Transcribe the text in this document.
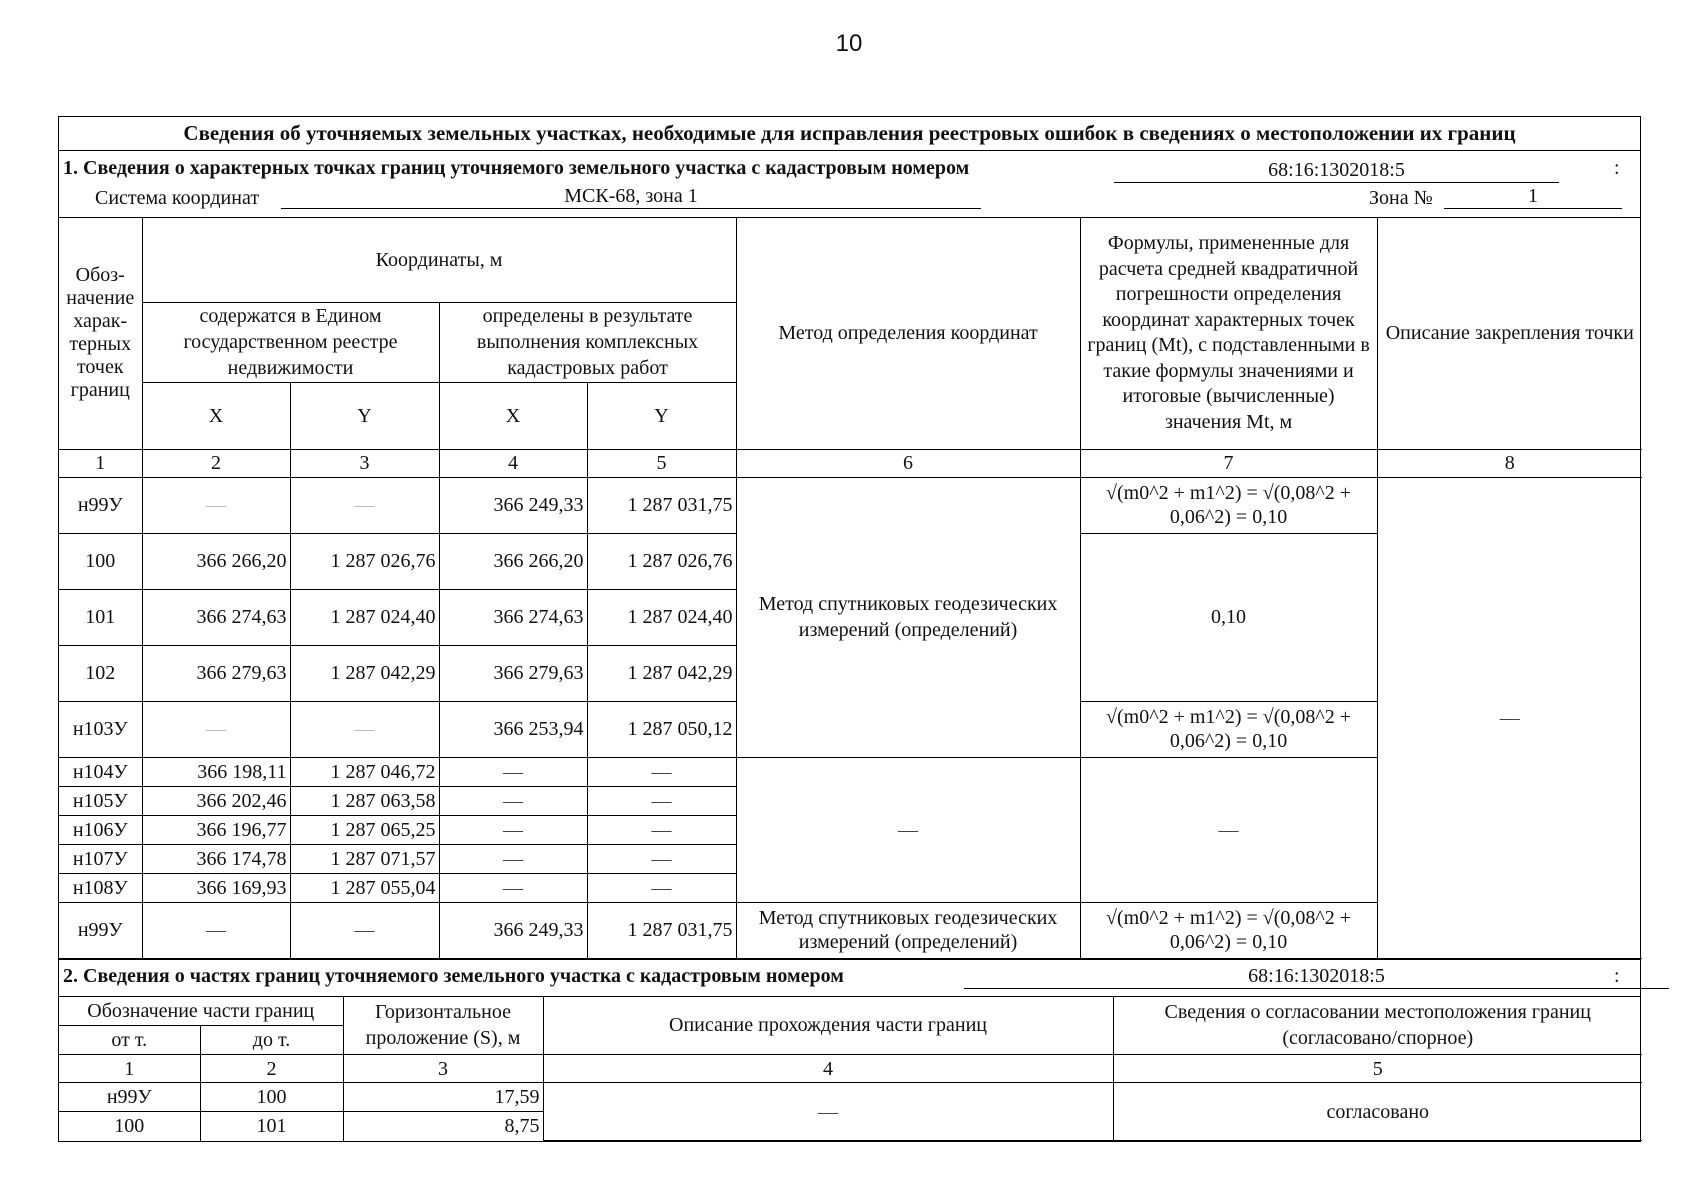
10
Сведения об уточняемых земельных участках, необходимые для исправления реестровых ошибок в сведениях о местоположении их границ
1. Сведения о характерных точках границ уточняемого земельного участка с кадастровым номером	68:16:1302018:5	:
Система координат	МСК-68, зона 1	Зона №	1
Обоз-начение харак-терных точек границ	Координаты, м				Метод определения координат	Формулы, примененные для расчета средней квадратичной погрешности определения координат характерных точек границ (Mt), с подставленными в такие формулы значениями и итоговые (вычисленные) значения Mt, м	Описание закрепления точки
	содержатся в Едином государственном реестре недвижимости		определены в результате выполнения комплексных кадастровых работ				
	X	Y	X	Y			
1	2	3	4	5	6	7	8
н99У	—	—	366 249,33	1 287 031,75	Метод спутниковых геодезических измерений (определений)	√(m0^2 + m1^2) = √(0,08^2 + 0,06^2) = 0,10	—
100	366 266,20	1 287 026,76	366 266,20	1 287 026,76		0,10	
101	366 274,63	1 287 024,40	366 274,63	1 287 024,40			
102	366 279,63	1 287 042,29	366 279,63	1 287 042,29			
н103У	—	—	366 253,94	1 287 050,12		√(m0^2 + m1^2) = √(0,08^2 + 0,06^2) = 0,10	
н104У	366 198,11	1 287 046,72	—	—	—	—	
н105У	366 202,46	1 287 063,58	—	—			
н106У	366 196,77	1 287 065,25	—	—			
н107У	366 174,78	1 287 071,57	—	—			
н108У	366 169,93	1 287 055,04	—	—			
н99У	—	—	366 249,33	1 287 031,75	Метод спутниковых геодезических измерений (определений)	√(m0^2 + m1^2) = √(0,08^2 + 0,06^2) = 0,10	
2. Сведения о частях границ уточняемого земельного участка с кадастровым номером	68:16:1302018:5	:
Обозначение части границ		Горизонтальное проложение (S), м	Описание прохождения части границ	Сведения о согласовании местоположения границ (согласовано/спорное)
от т.	до т.			
1	2	3	4	5
н99У	100	17,59	—	согласовано
100	101	8,75		
